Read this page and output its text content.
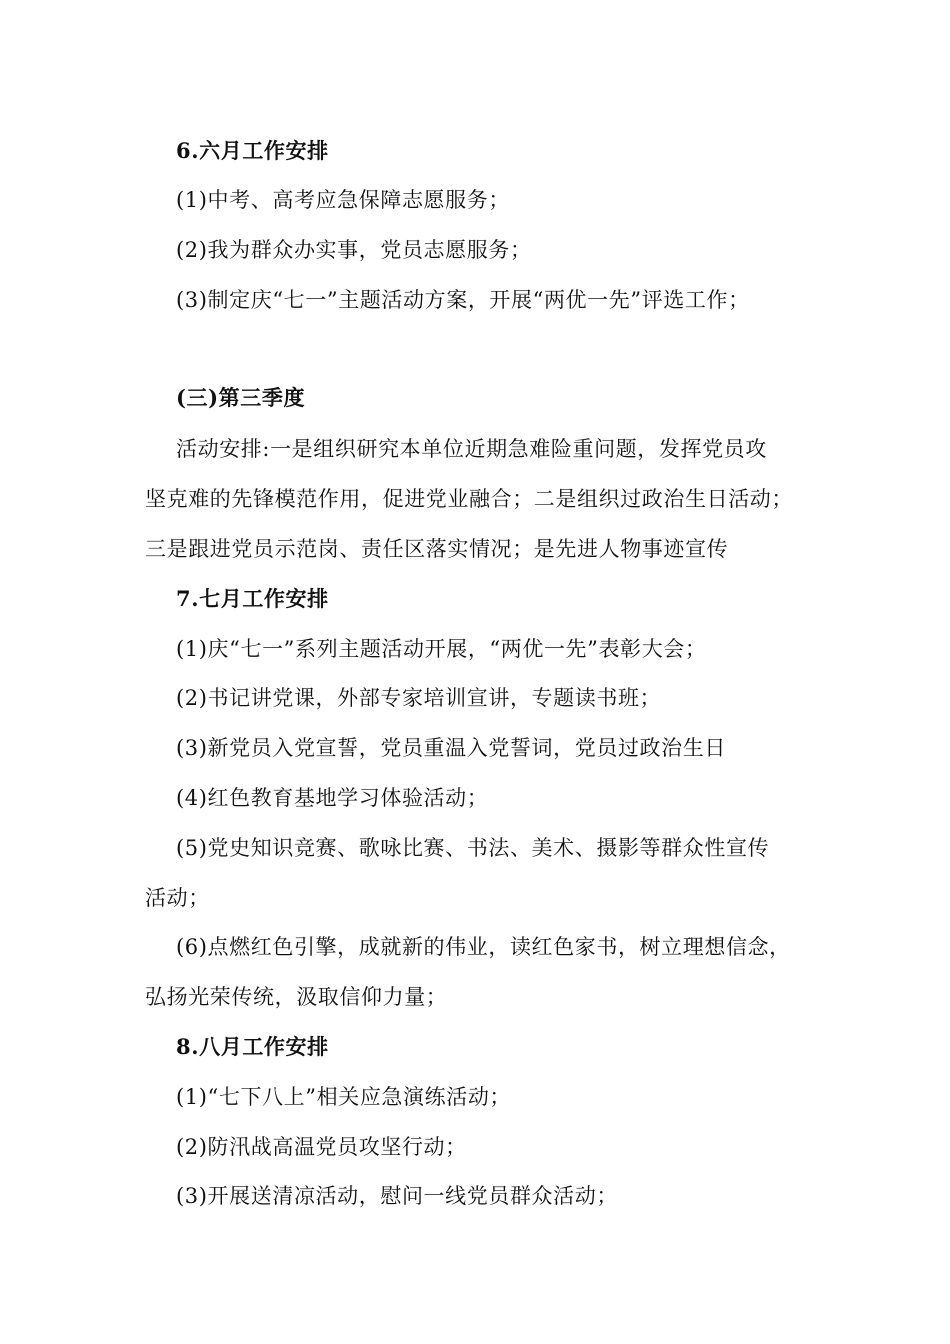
6.六月工作安排
(1)中考、高考应急保障志愿服务；
(2)我为群众办实事，党员志愿服务；
(3)制定庆“七一”主题活动方案，开展“两优一先”评选工作；
(三)第三季度
活动安排:一是组织研究本单位近期急难险重问题，发挥党员攻
坚克难的先锋模范作用，促进党业融合；二是组织过政治生日活动；
三是跟进党员示范岗、责任区落实情况；是先进人物事迹宣传
7.七月工作安排
(1)庆“七一”系列主题活动开展，“两优一先”表彰大会；
(2)书记讲党课，外部专家培训宣讲，专题读书班；
(3)新党员入党宣誓，党员重温入党誓词，党员过政治生日
(4)红色教育基地学习体验活动；
(5)党史知识竞赛、歌咏比赛、书法、美术、摄影等群众性宣传
活动；
(6)点燃红色引擎，成就新的伟业，读红色家书，树立理想信念，
弘扬光荣传统，汲取信仰力量；
8.八月工作安排
(1)“七下八上”相关应急演练活动；
(2)防汛战高温党员攻坚行动；
(3)开展送清凉活动，慰问一线党员群众活动；
